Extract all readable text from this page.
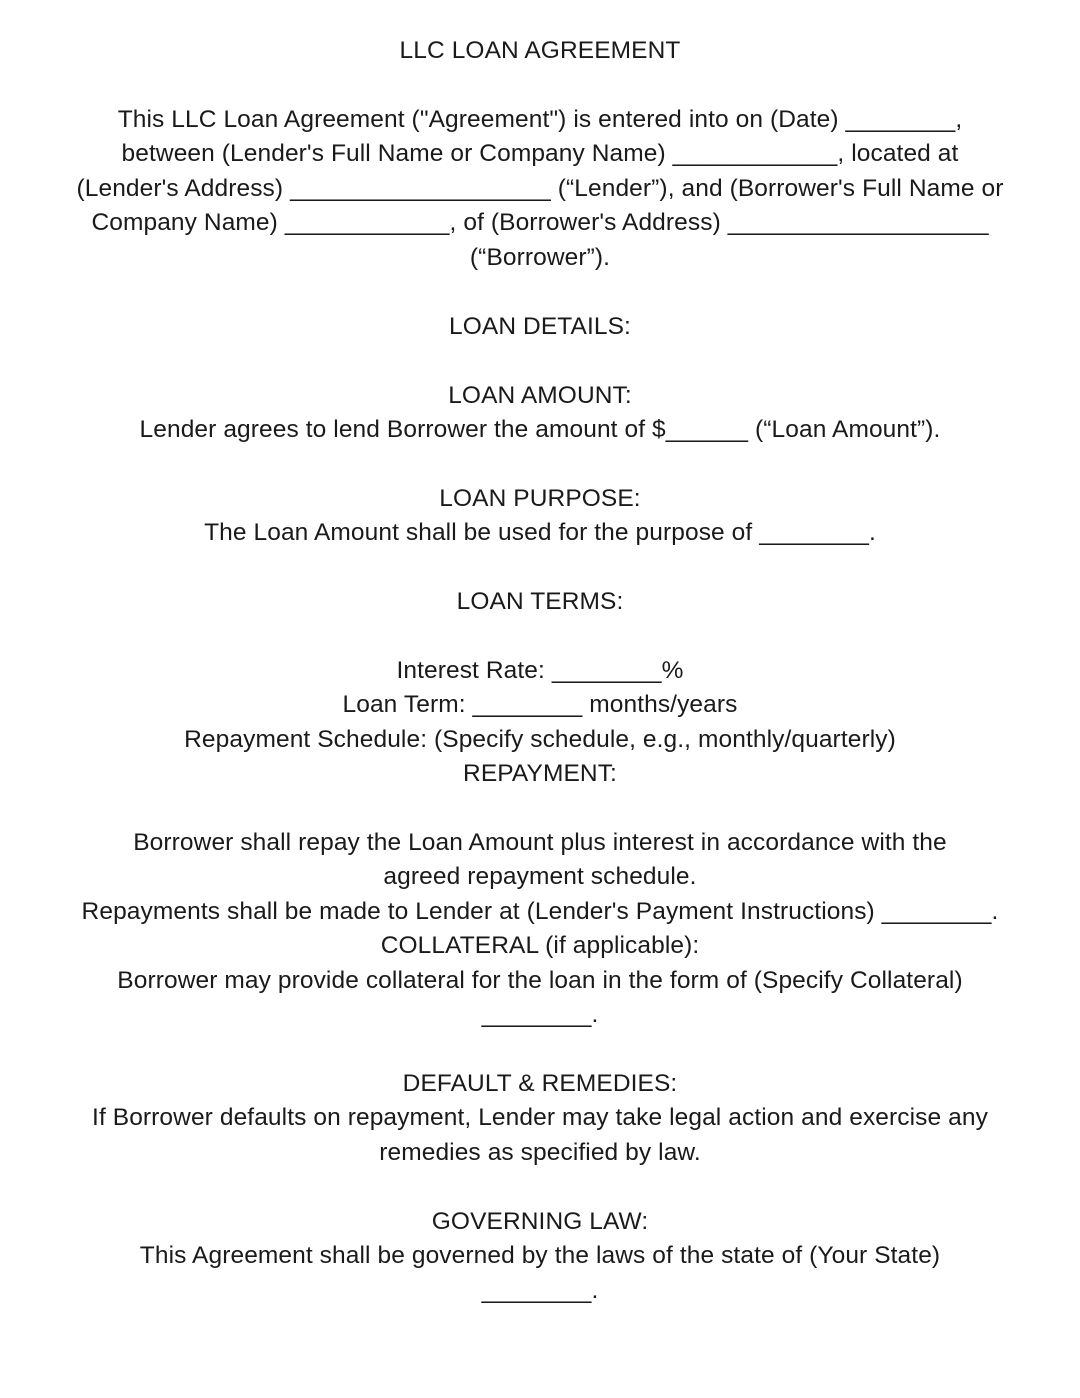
LLC LOAN AGREEMENT
This LLC Loan Agreement ("Agreement") is entered into on (Date) ________,
between (Lender's Full Name or Company Name) ____________, located at
(Lender's Address) ___________________ (“Lender”), and (Borrower's Full Name or
Company Name) ____________, of (Borrower's Address) ___________________
(“Borrower”).
LOAN DETAILS:
LOAN AMOUNT:
Lender agrees to lend Borrower the amount of $______ (“Loan Amount”).
LOAN PURPOSE:
The Loan Amount shall be used for the purpose of ________.
LOAN TERMS:
Interest Rate: ________%
Loan Term: ________ months/years
Repayment Schedule: (Specify schedule, e.g., monthly/quarterly)
REPAYMENT:
Borrower shall repay the Loan Amount plus interest in accordance with the
agreed repayment schedule.
Repayments shall be made to Lender at (Lender's Payment Instructions) ________.
COLLATERAL (if applicable):
Borrower may provide collateral for the loan in the form of (Specify Collateral)
________.
DEFAULT & REMEDIES:
If Borrower defaults on repayment, Lender may take legal action and exercise any
remedies as specified by law.
GOVERNING LAW:
This Agreement shall be governed by the laws of the state of (Your State)
________.
